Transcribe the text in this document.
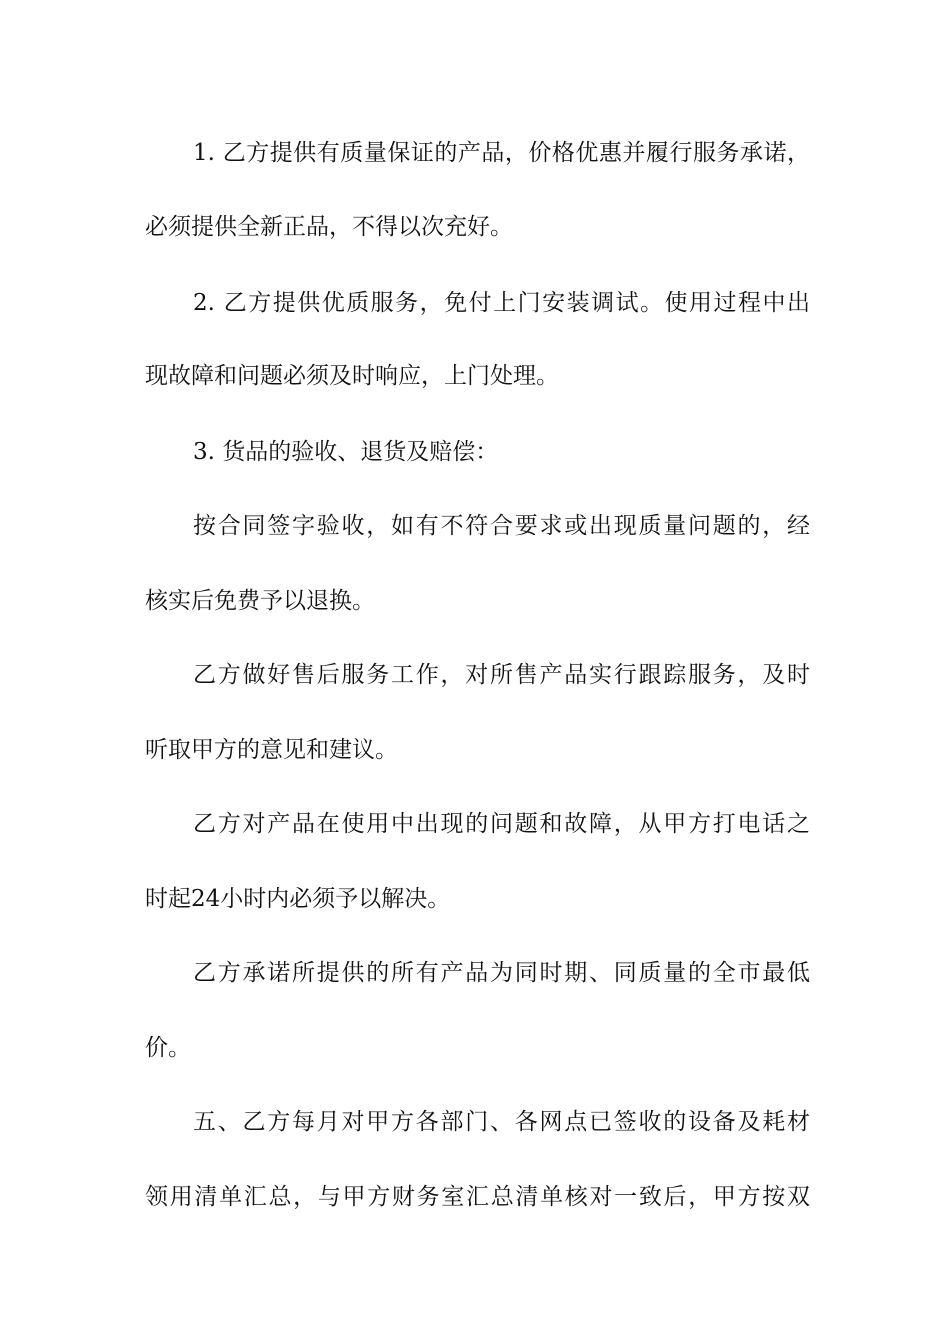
1. 乙方提供有质量保证的产品，价格优惠并履行服务承诺，
必须提供全新正品，不得以次充好。
2. 乙方提供优质服务，免付上门安装调试。使用过程中出
现故障和问题必须及时响应，上门处理。
3. 货品的验收、退货及赔偿：
按合同签字验收，如有不符合要求或出现质量问题的，经
核实后免费予以退换。
乙方做好售后服务工作，对所售产品实行跟踪服务，及时
听取甲方的意见和建议。
乙方对产品在使用中出现的问题和故障，从甲方打电话之
时起24小时内必须予以解决。
乙方承诺所提供的所有产品为同时期、同质量的全市最低
价。
五、乙方每月对甲方各部门、各网点已签收的设备及耗材
领用清单汇总，与甲方财务室汇总清单核对一致后，甲方按双
